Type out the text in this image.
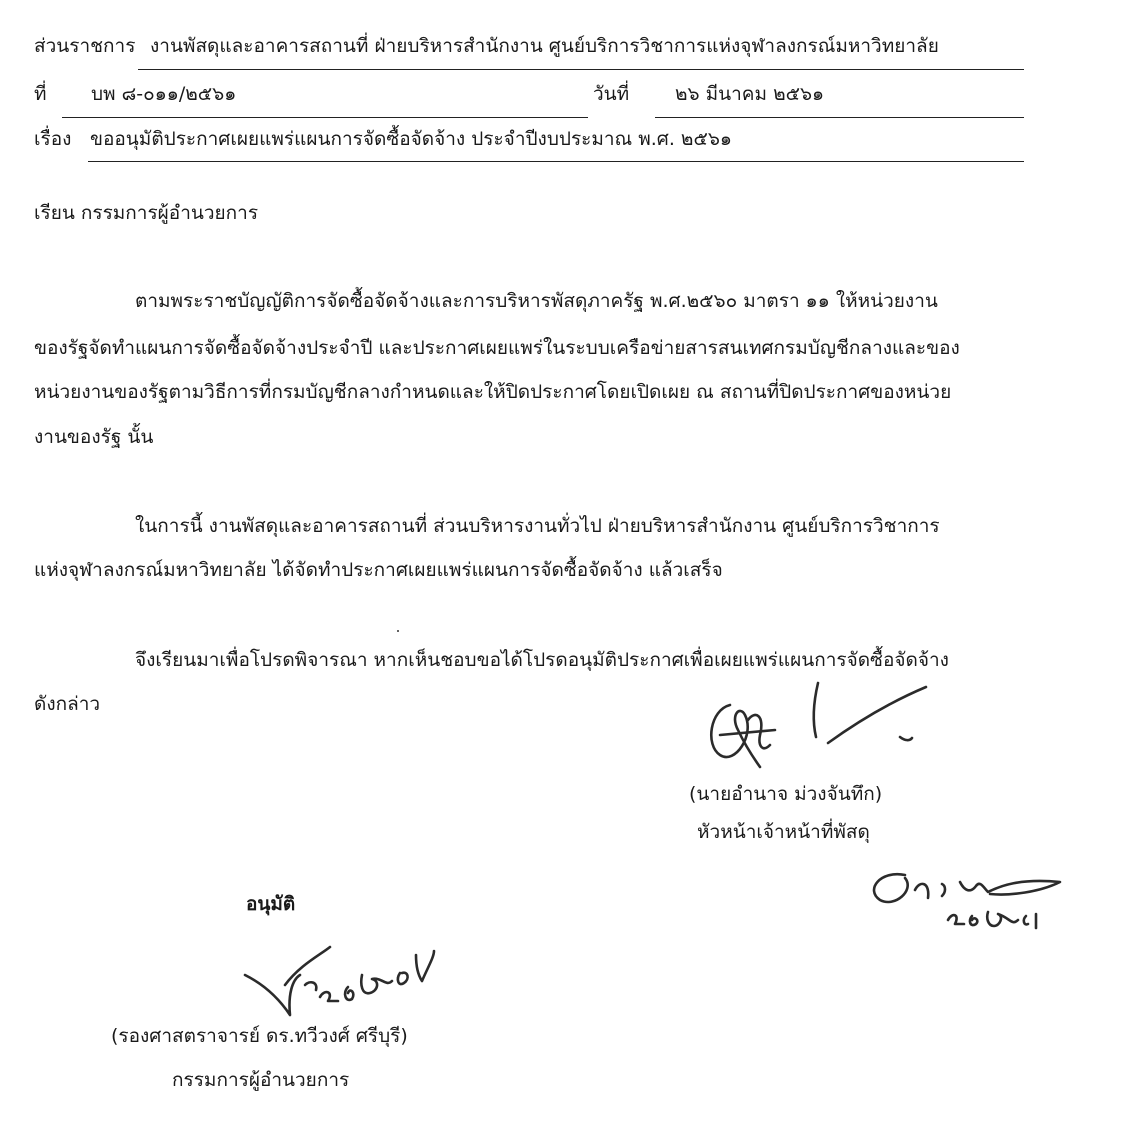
ส่วนราชการ งานพัสดุและอาคารสถานที่ ฝ่ายบริหารสำนักงาน ศูนย์บริการวิชาการแห่งจุฬาลงกรณ์มหาวิทยาลัย
ที่ บพ ๘-๐๑๑/๒๕๖๑	วันที่ ๒๖ มีนาคม ๒๕๖๑
เรื่อง ขออนุมัติประกาศเผยแพร่แผนการจัดซื้อจัดจ้าง ประจำปีงบประมาณ พ.ศ. ๒๕๖๑
เรียน กรรมการผู้อำนวยการ
ตามพระราชบัญญัติการจัดซื้อจัดจ้างและการบริหารพัสดุภาครัฐ พ.ศ.๒๕๖๐ มาตรา ๑๑ ให้หน่วยงาน
ของรัฐจัดทำแผนการจัดซื้อจัดจ้างประจำปี และประกาศเผยแพร่ในระบบเครือข่ายสารสนเทศกรมบัญชีกลางและของ
หน่วยงานของรัฐตามวิธีการที่กรมบัญชีกลางกำหนดและให้ปิดประกาศโดยเปิดเผย ณ สถานที่ปิดประกาศของหน่วย
งานของรัฐ นั้น
ในการนี้ งานพัสดุและอาคารสถานที่ ส่วนบริหารงานทั่วไป ฝ่ายบริหารสำนักงาน ศูนย์บริการวิชาการ
แห่งจุฬาลงกรณ์มหาวิทยาลัย ได้จัดทำประกาศเผยแพร่แผนการจัดซื้อจัดจ้าง แล้วเสร็จ
จึงเรียนมาเพื่อโปรดพิจารณา หากเห็นชอบขอได้โปรดอนุมัติประกาศเพื่อเผยแพร่แผนการจัดซื้อจัดจ้าง
ดังกล่าว
(นายอำนาจ ม่วงจันทึก)
หัวหน้าเจ้าหน้าที่พัสดุ
อนุมัติ
(รองศาสตราจารย์ ดร.ทวีวงศ์ ศรีบุรี)
กรรมการผู้อำนวยการ
